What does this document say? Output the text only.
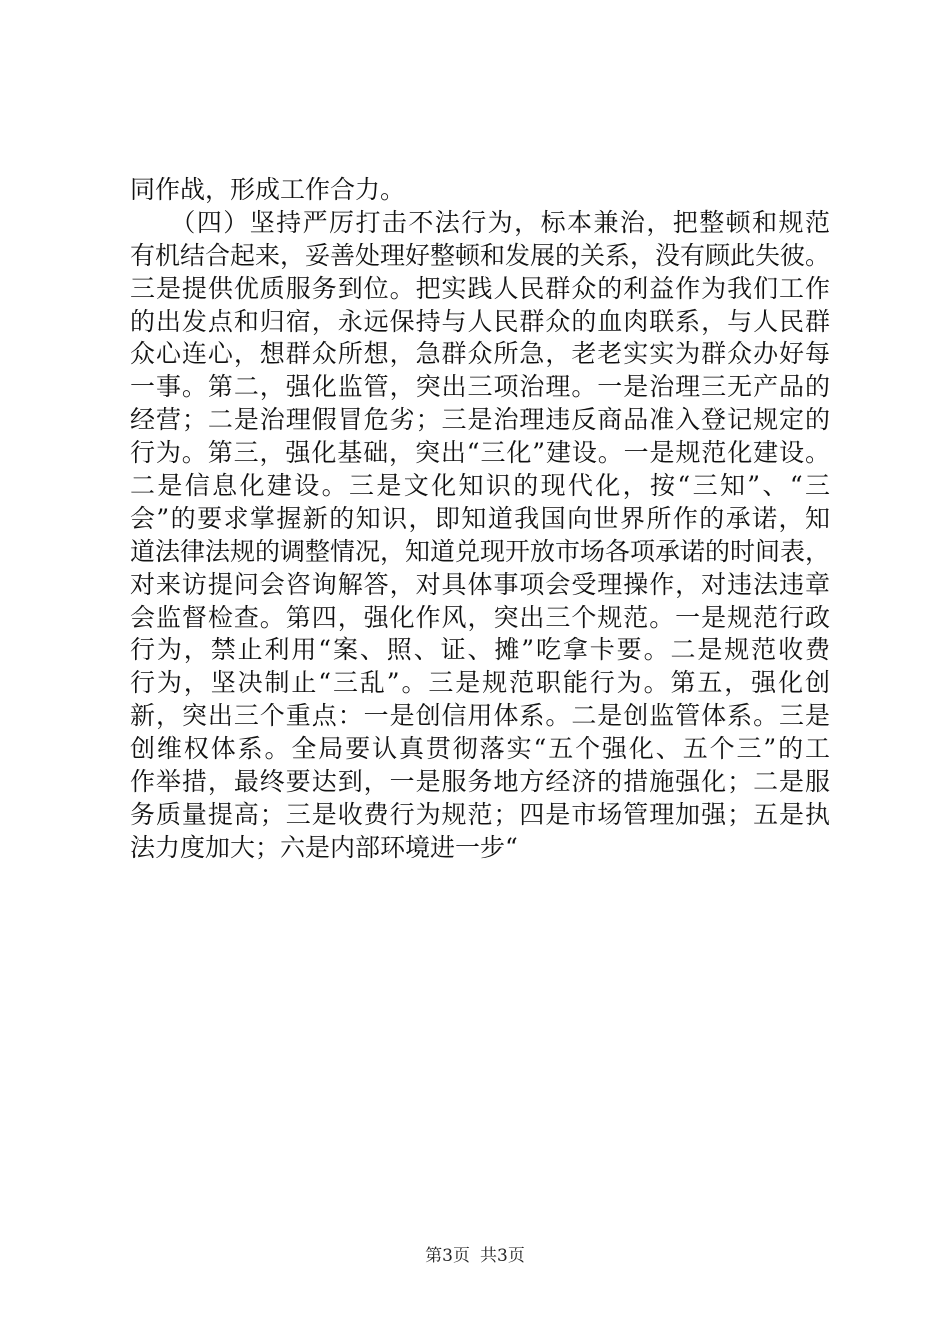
同作战，形成工作合力。
　　（四）坚持严厉打击不法行为，标本兼治，把整顿和规范
有机结合起来，妥善处理好整顿和发展的关系，没有顾此失彼。
三是提供优质服务到位。把实践人民群众的利益作为我们工作
的出发点和归宿，永远保持与人民群众的血肉联系，与人民群
众心连心，想群众所想，急群众所急，老老实实为群众办好每
一事。第二，强化监管，突出三项治理。一是治理三无产品的
经营；二是治理假冒危劣；三是治理违反商品准入登记规定的
行为。第三，强化基础，突出“三化”建设。一是规范化建设。
二是信息化建设。三是文化知识的现代化，按“三知”、“三
会”的要求掌握新的知识，即知道我国向世界所作的承诺，知
道法律法规的调整情况，知道兑现开放市场各项承诺的时间表，
对来访提问会咨询解答，对具体事项会受理操作，对违法违章
会监督检查。第四，强化作风，突出三个规范。一是规范行政
行为，禁止利用“案、照、证、摊”吃拿卡要。二是规范收费
行为，坚决制止“三乱”。三是规范职能行为。第五，强化创
新，突出三个重点：一是创信用体系。二是创监管体系。三是
创维权体系。全局要认真贯彻落实“五个强化、五个三”的工
作举措，最终要达到，一是服务地方经济的措施强化；二是服
务质量提高；三是收费行为规范；四是市场管理加强；五是执
法力度加大；六是内部环境进一步“
第3页 共3页
